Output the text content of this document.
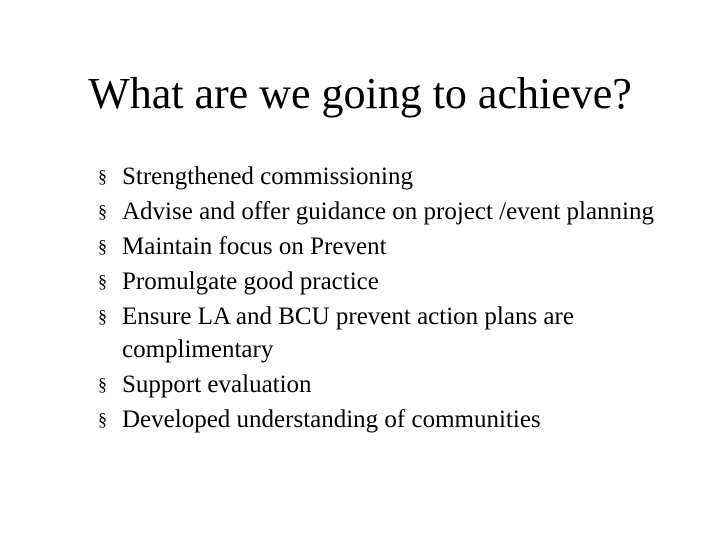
What are we going to achieve?
§ Strengthened commissioning
§ Advise and offer guidance on project /event planning
§ Maintain focus on Prevent
§ Promulgate good practice
§ Ensure LA and BCU prevent action plans are complimentary
§ Support evaluation
§ Developed understanding of communities
